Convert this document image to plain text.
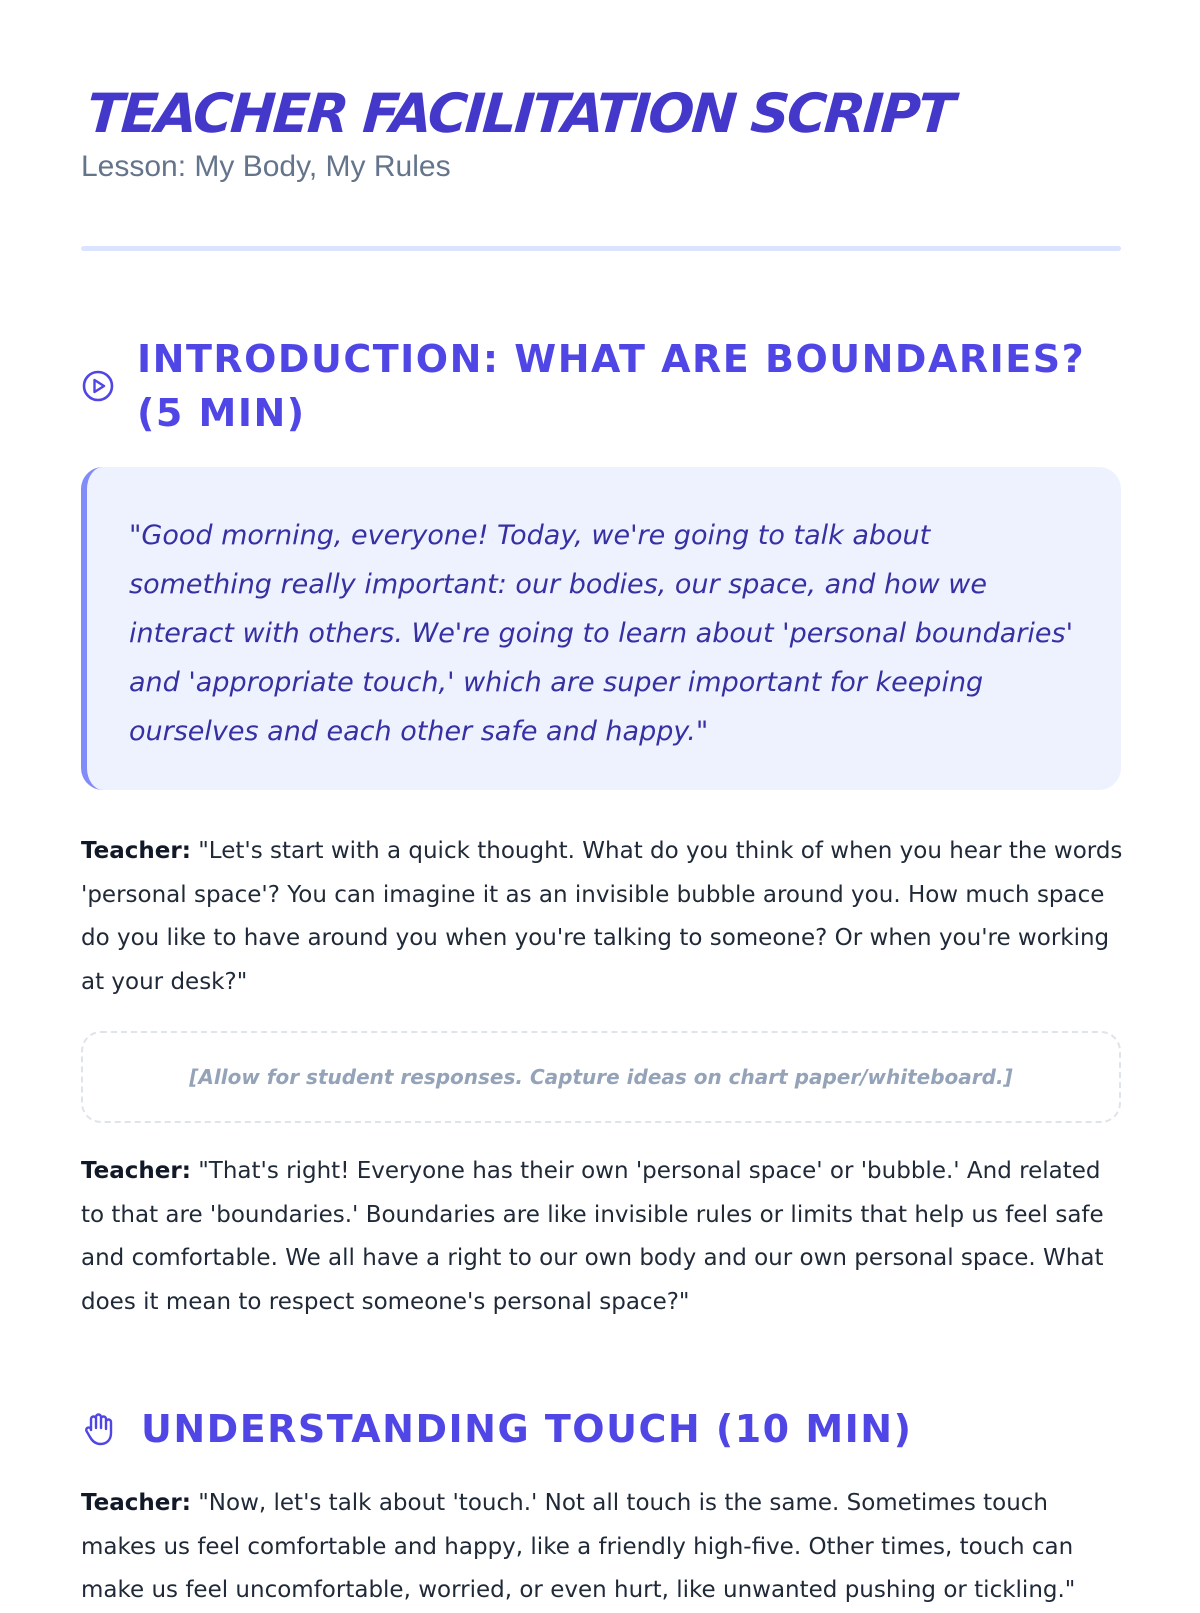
TEACHER FACILITATION SCRIPT
Lesson: My Body, My Rules
INTRODUCTION: WHAT ARE BOUNDARIES? (5 MIN)

"Good morning, everyone! Today, we're going to talk about something really important: our bodies, our space, and how we interact with others. We're going to learn about 'personal boundaries' and 'appropriate touch,' which are super important for keeping ourselves and each other safe and happy."

Teacher: "Let's start with a quick thought. What do you think of when you hear the words 'personal space'? You can imagine it as an invisible bubble around you. How much space do you like to have around you when you're talking to someone? Or when you're working at your desk?"

[Allow for student responses. Capture ideas on chart paper/whiteboard.]

Teacher: "That's right! Everyone has their own 'personal space' or 'bubble.' And related to that are 'boundaries.' Boundaries are like invisible rules or limits that help us feel safe and comfortable. We all have a right to our own body and our own personal space. What does it mean to respect someone's personal space?"

UNDERSTANDING TOUCH (10 MIN)

Teacher: "Now, let's talk about 'touch.' Not all touch is the same. Sometimes touch makes us feel comfortable and happy, like a friendly high-five. Other times, touch can make us feel uncomfortable, worried, or even hurt, like unwanted pushing or tickling."
